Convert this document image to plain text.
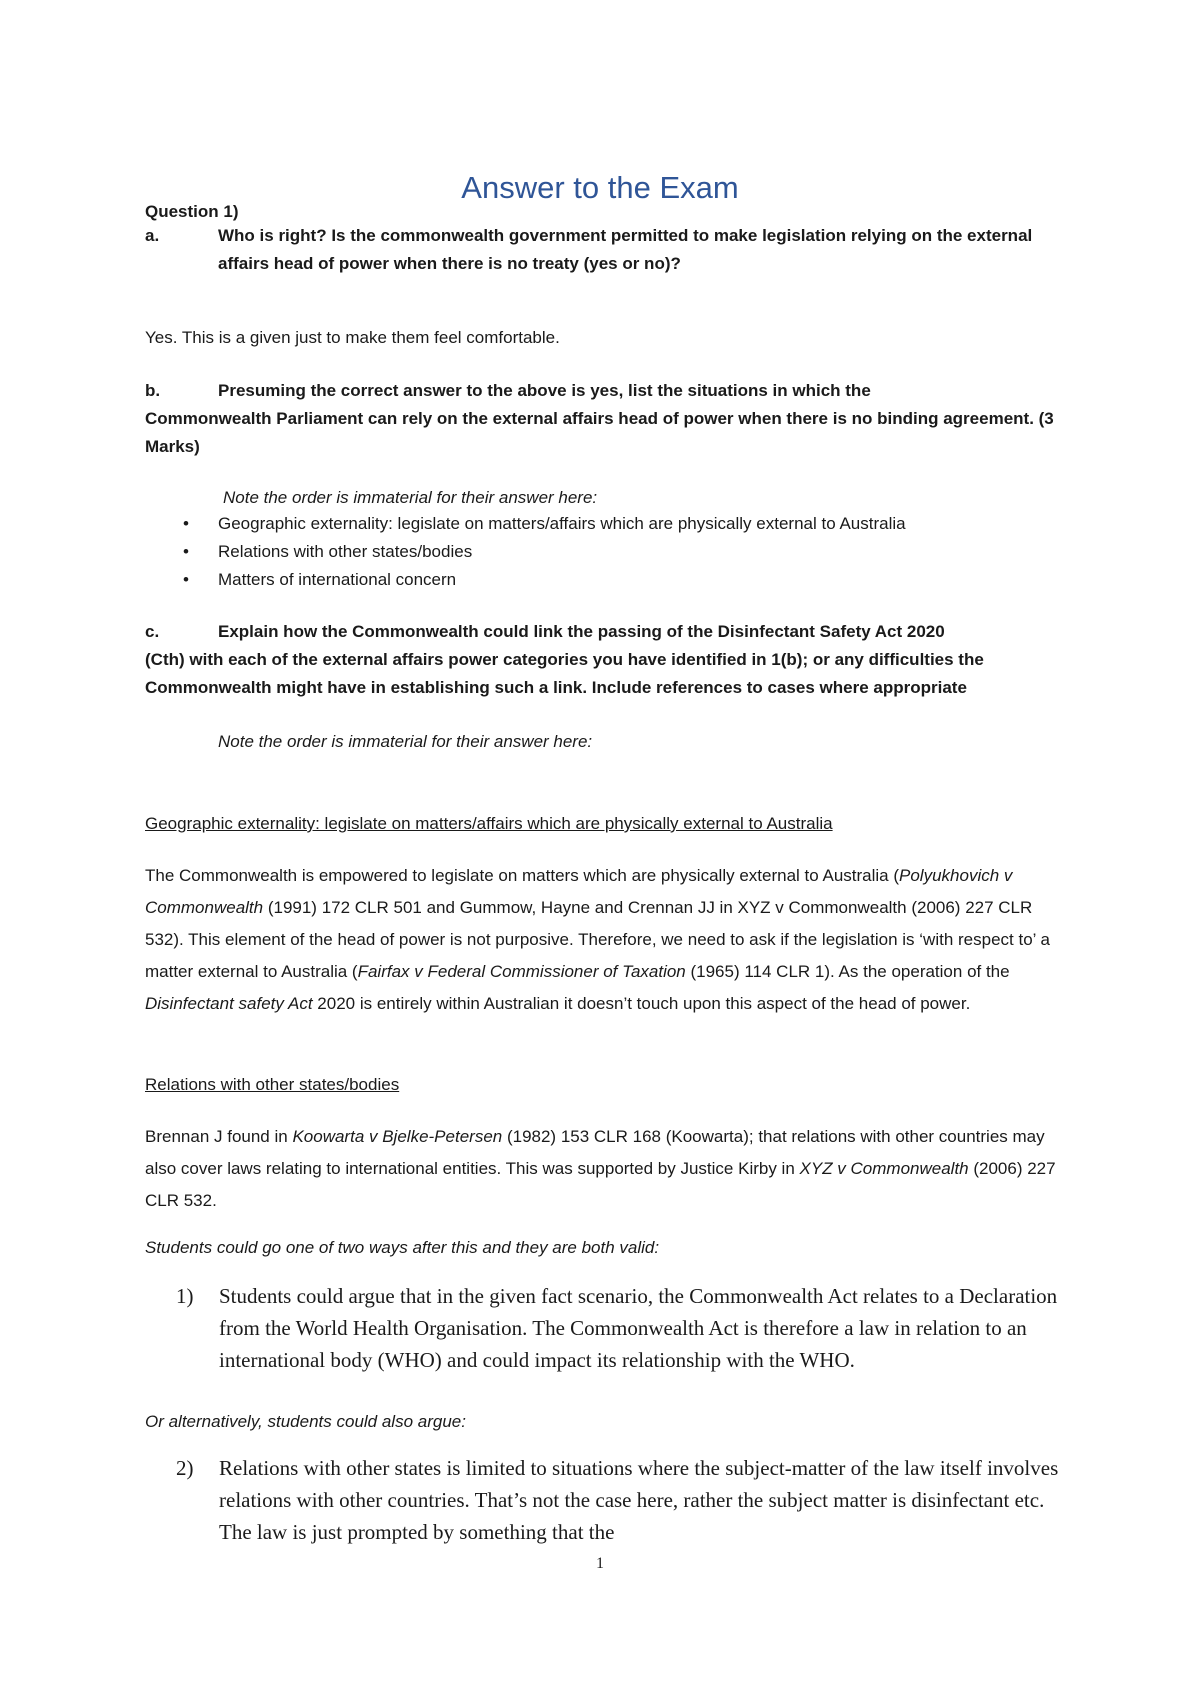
Answer to the Exam
Question 1)
a.	Who is right? Is the commonwealth government permitted to make legislation relying on the external affairs head of power when there is no treaty (yes or no)?
Yes. This is a given just to make them feel comfortable.
b.	Presuming the correct answer to the above is yes, list the situations in which the
Commonwealth Parliament can rely on the external affairs head of power when there is no binding agreement. (3 Marks)
Note the order is immaterial for their answer here:
•	Geographic externality: legislate on matters/affairs which are physically external to Australia
•	Relations with other states/bodies
•	Matters of international concern
c.	Explain how the Commonwealth could link the passing of the Disinfectant Safety Act 2020
(Cth) with each of the external affairs power categories you have identified in 1(b); or any difficulties the Commonwealth might have in establishing such a link. Include references to cases where appropriate
Note the order is immaterial for their answer here:
Geographic externality: legislate on matters/affairs which are physically external to Australia
The Commonwealth is empowered to legislate on matters which are physically external to Australia (Polyukhovich v Commonwealth (1991) 172 CLR 501 and Gummow, Hayne and Crennan JJ in XYZ v Commonwealth (2006) 227 CLR 532). This element of the head of power is not purposive. Therefore, we need to ask if the legislation is ‘with respect to’ a matter external to Australia (Fairfax v Federal Commissioner of Taxation (1965) 114 CLR 1). As the operation of the Disinfectant safety Act 2020 is entirely within Australian it doesn’t touch upon this aspect of the head of power.
Relations with other states/bodies
Brennan J found in Koowarta v Bjelke-Petersen (1982) 153 CLR 168 (Koowarta); that relations with other countries may also cover laws relating to international entities. This was supported by Justice Kirby in XYZ v Commonwealth (2006) 227 CLR 532.
Students could go one of two ways after this and they are both valid:
1)	Students could argue that in the given fact scenario, the Commonwealth Act relates to a Declaration from the World Health Organisation. The Commonwealth Act is therefore a law in relation to an international body (WHO) and could impact its relationship with the WHO.
Or alternatively, students could also argue:
2)	Relations with other states is limited to situations where the subject-matter of the law itself involves relations with other countries. That’s not the case here, rather the subject matter is disinfectant etc. The law is just prompted by something that the
1
